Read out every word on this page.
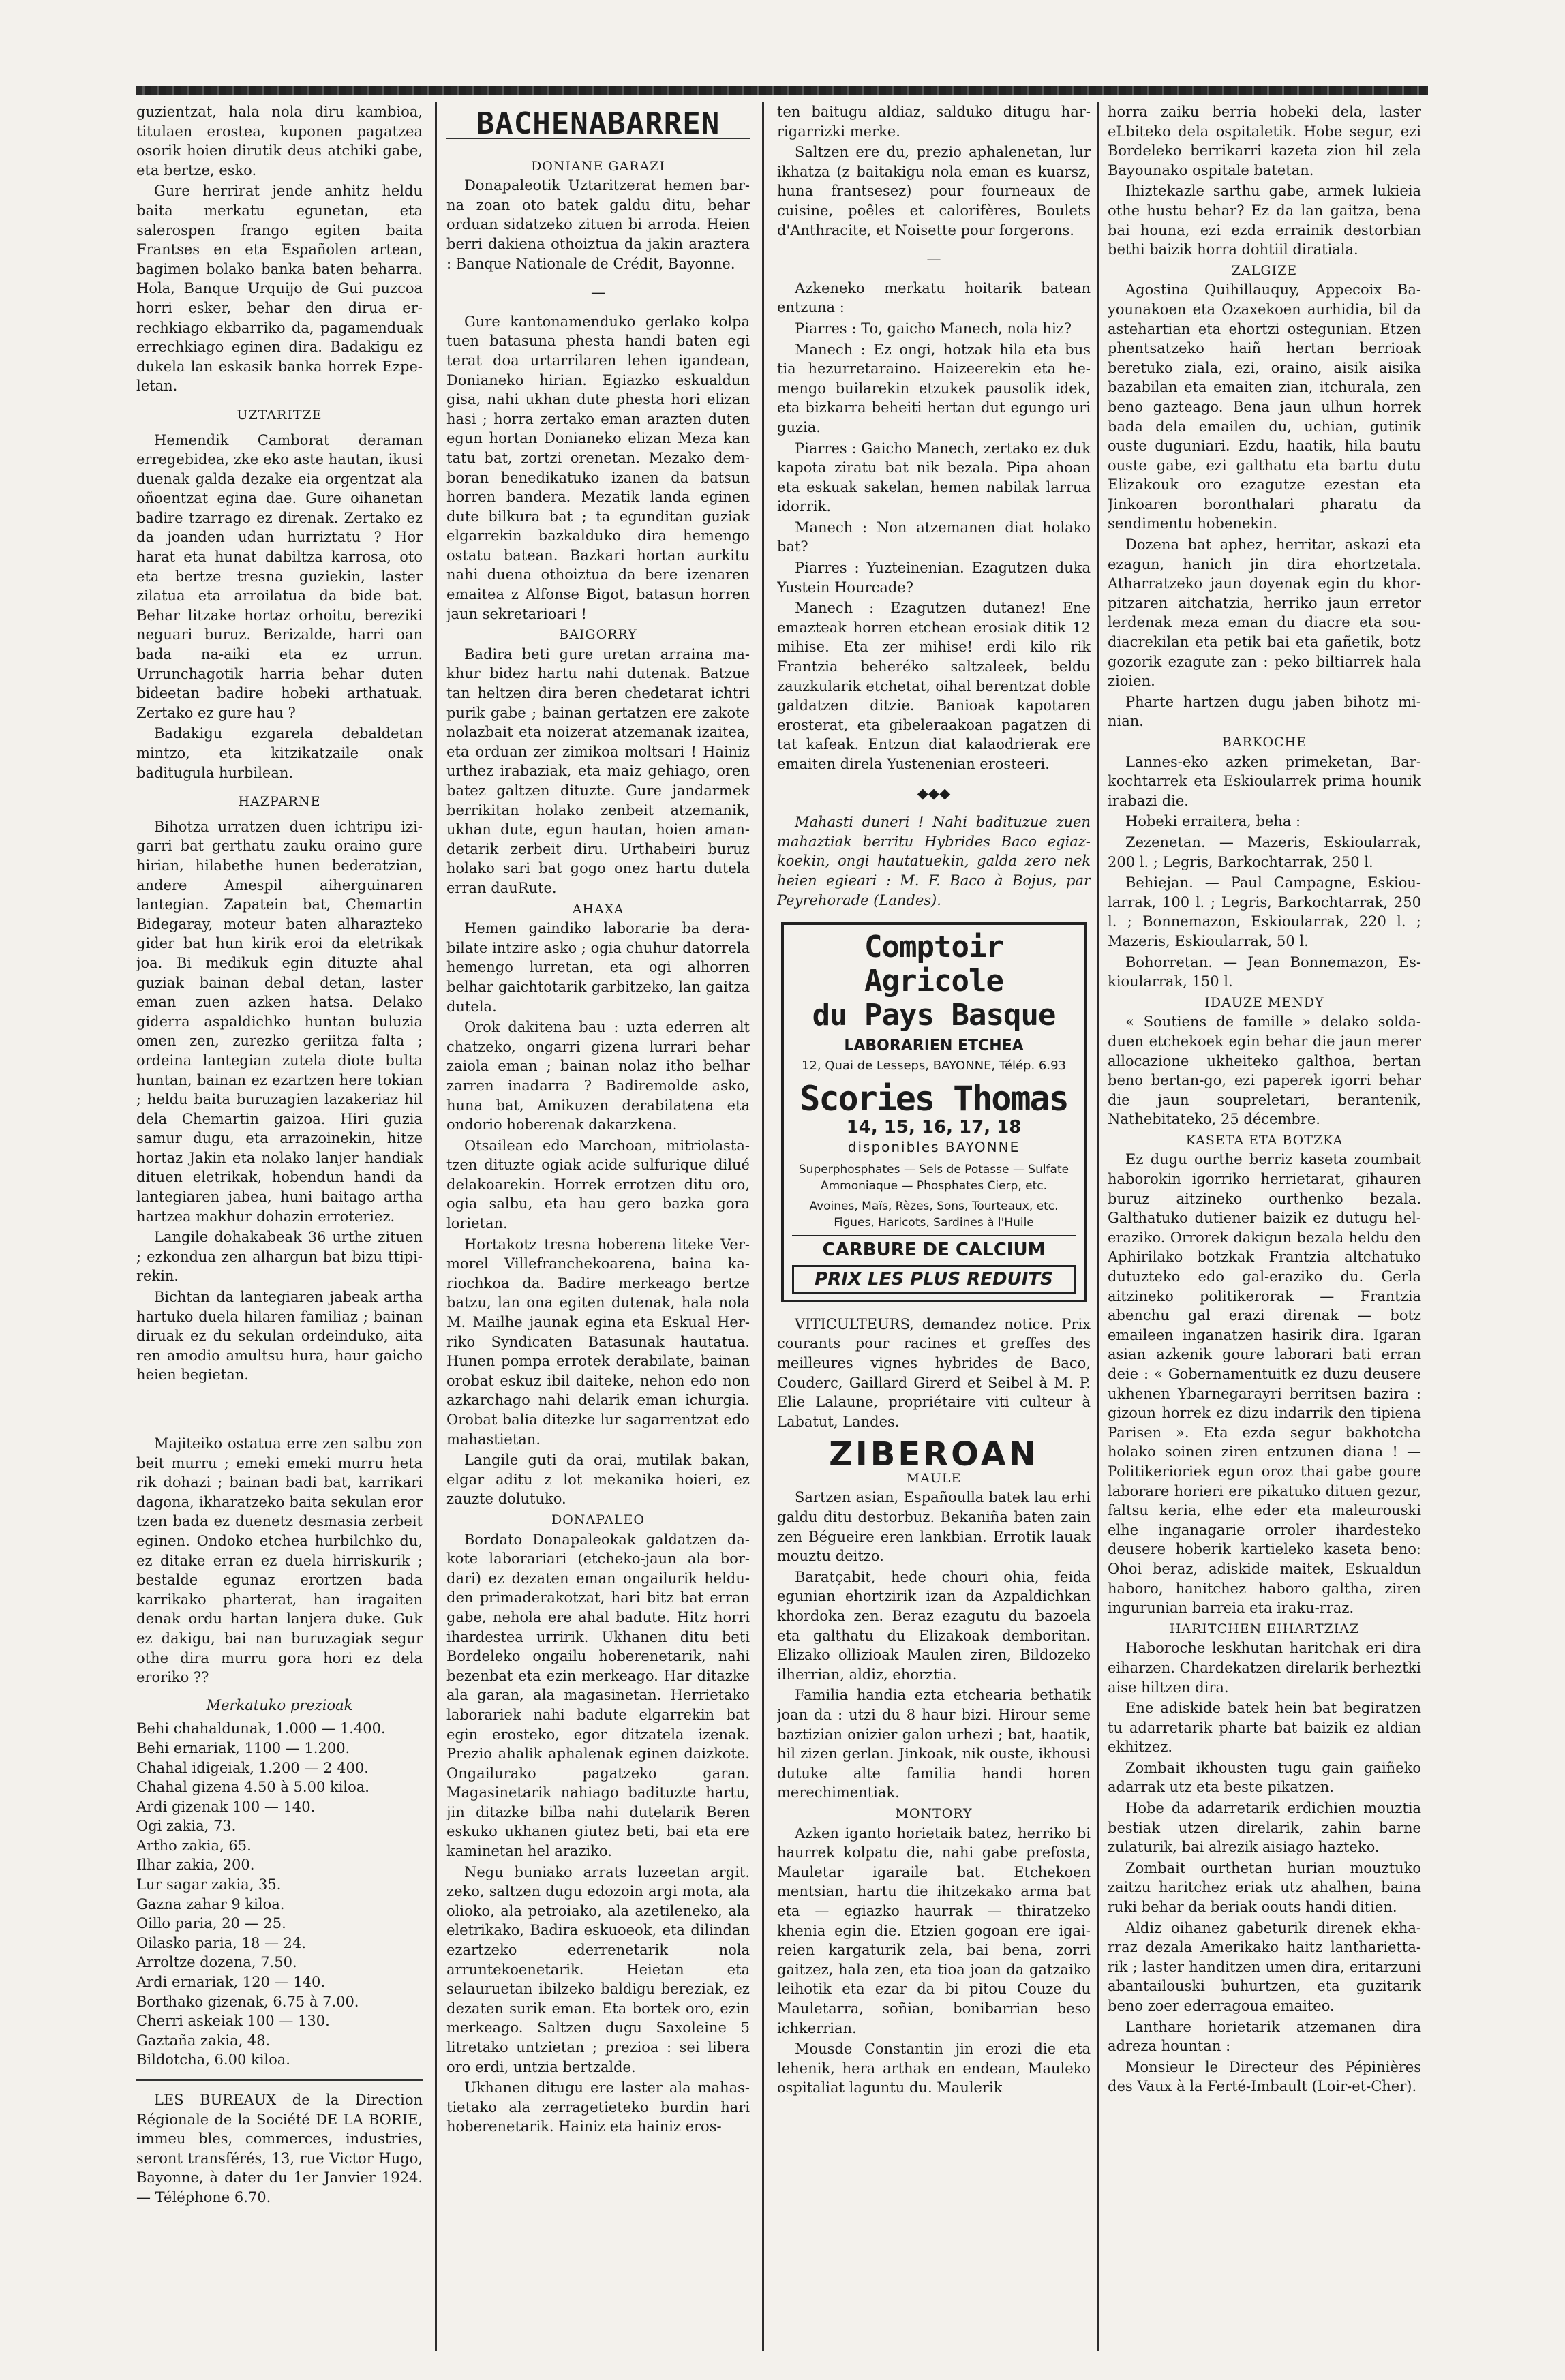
guzientzat, hala nola diru kambioa, titulaen erostea, kuponen pagatzea osorik hoien dirutik deus atchiki gabe, eta bertze, esko.

Gure herrirat jende anhitz heldu baita merkatu egunetan, eta salerospen frango egiten baita Frantses en eta Españolen artean, bagimen bolako banka baten beharra. Hola, Banque Urquijo de Gui puzcoa horri esker, behar den dirua errechkiago ekbarriko da, pagamenduak errechkiago eginen dira. Badakigu ez dukela lan eskasik banka horrek Ezpeletan.

UZTARITZE

Hemendik Camborat deraman erregebidea, zke eko aste hautan, ikusi duenak galda dezake eia orgentzat ala oñoentzat egina dae. Gure oihanetan badire tzarrago ez direnak. Zertako ez da joanden udan hurriztatu ? Hor harat eta hunat dabiltza karrosa, oto eta bertze tresna guziekin, laster zilatua eta arroilatua da bide bat. Behar litzake hortaz orhoitu, bereziki neguari buruz. Berizalde, harri oan bada na-aiki eta ez urrun. Urrunchagotik harria behar duten bideetan badire hobeki arthatuak. Zertako ez gure hau ?

Badakigu ezgarela debaldetan mintzo, eta kitzikatzaile onak baditugula hurbilean.

HAZPARNE

Bihotza urratzen duen ichtripu izigarri bat gerthatu zauku oraino gure hirian, hilabethe hunen bederatzian, andere Amespil aiherguinaren lantegian. Zapatein bat, Chemartin Bidegaray, moteur baten alharazteko gider bat hun kirik eroi da eletrikak joa. Bi medikuk egin dituzte ahal guziak bainan debal detan, laster eman zuen azken hatsa. Delako giderra aspaldichko huntan buluzia omen zen, zurezko geriitza falta ; ordeina lantegian zutela diote bulta huntan, bainan ez ezartzen here tokian ; heldu baita buruzagien lazakeriaz hil dela Chemartin gaizoa. Hiri guzia samur dugu, eta arrazoinekin, hitze hortaz Jakin eta nolako lanjer handiak dituen eletrikak, hobendun handi da lantegiaren jabea, huni baitago artha hartzea makhur dohazin erroteriez.

Langile dohakabeak 36 urthe zituen ; ezkondua zen alhargun bat bizu ttipirekin.

Bichtan da lantegiaren jabeak artha hartuko duela hilaren familiaz ; bainan diruak ez du sekulan ordeinduko, aita ren amodio amultsu hura, haur gaicho heien begietan.

Majiteiko ostatua erre zen salbu zon beit murru ; emeki emeki murru heta rik dohazi ; bainan badi bat, karrikari dagona, ikharatzeko baita sekulan eror tzen bada ez duenetz desmasia zerbeit eginen. Ondoko etchea hurbilchko du, ez ditake erran ez duela hirriskurik ; bestalde egunaz erortzen bada karrikako pharterat, han iragaiten denak ordu hartan lanjera duke. Guk ez dakigu, bai nan buruzagiak segur othe dira murru gora hori ez dela eroriko ??

Merkatuko prezioak
Behi chahaldunak, 1.000 — 1.400.
Behi ernariak, 1100 — 1.200.
Chahal idigeiak, 1.200 — 2 400.
Chahal gizena 4.50 à 5.00 kiloa.
Ardi gizenak 100 — 140.
Ogi zakia, 73.
Artho zakia, 65.
Ilhar zakia, 200.
Lur sagar zakia, 35.
Gazna zahar 9 kiloa.
Oillo paria, 20 — 25.
Oilasko paria, 18 — 24.
Arroltze dozena, 7.50.
Ardi ernariak, 120 — 140.
Borthako gizenak, 6.75 à 7.00.
Cherri askeiak 100 — 130.
Gaztaña zakia, 48.
Bildotcha, 6.00 kiloa.

LES BUREAUX de la Direction Régionale de la Société DE LA BORIE, immeu bles, commerces, industries, seront transférés, 13, rue Victor Hugo, Bayonne, à dater du 1er Janvier 1924. — Téléphone 6.70.

BACHENABARREN
DONIANE GARAZI

Donapaleotik Uztaritzerat hemen barna zoan oto batek galdu ditu, behar orduan sidatzeko zituen bi arroda. Heien berri dakiena othoiztua da jakin araztera : Banque Nationale de Crédit, Bayonne.

—

Gure kantonamenduko gerlako kolpa tuen batasuna phesta handi baten egi terat doa urtarrilaren lehen igandean, Donianeko hirian. Egiazko eskualdun gisa, nahi ukhan dute phesta hori elizan hasi ; horra zertako eman arazten duten egun hortan Donianeko elizan Meza kan tatu bat, zortzi orenetan. Mezako demboran benedikatuko izanen da batsun horren bandera. Mezatik landa eginen dute bilkura bat ; ta egunditan guziak elgarrekin bazkalduko dira hemengo ostatu batean. Bazkari hortan aurkitu nahi duena othoiztua da bere izenaren emaitea z Alfonse Bigot, batasun horren jaun sekretarioari !

BAIGORRY

Badira beti gure uretan arraina makhur bidez hartu nahi dutenak. Batzue tan heltzen dira beren chedetarat ichtri purik gabe ; bainan gertatzen ere zakote nolazbait eta noizerat atzemanak izaitea, eta orduan zer zimikoa moltsari ! Hainiz urthez irabaziak, eta maiz gehiago, oren batez galtzen dituzte. Gure jandarmek berrikitan holako zenbeit atzemanik, ukhan dute, egun hautan, hoien amandetarik zerbeit diru. Urthabeiri buruz holako sari bat gogo onez hartu dutela erran dauRute.

AHAXA

Hemen gaindiko laborarie ba derabilate intzire asko ; ogia chuhur datorrela hemengo lurretan, eta ogi alhorren belhar gaichtotarik garbitzeko, lan gaitza dutela.

Orok dakitena bau : uzta ederren alt chatzeko, ongarri gizena lurrari behar zaiola eman ; bainan nolaz itho belhar zarren inadarra ? Badiremolde asko, huna bat, Amikuzen derabilatena eta ondorio hoberenak dakarzkena.

Otsailean edo Marchoan, mitriolastatzen dituzte ogiak acide sulfurique dilué delakoarekin. Horrek errotzen ditu oro, ogia salbu, eta hau gero bazka gora lorietan.

Hortakotz tresna hoberena liteke Vermorel Villefranchekoarena, baina kariochkoa da. Badire merkeago bertze batzu, lan ona egiten dutenak, hala nola M. Mailhe jaunak egina eta Eskual Herriko Syndicaten Batasunak hautatua. Hunen pompa errotek derabilate, bainan orobat eskuz ibil daiteke, nehon edo non azkarchago nahi delarik eman ichurgia. Orobat balia ditezke lur sagarrentzat edo mahastietan.

Langile guti da orai, mutilak bakan, elgar aditu z lot mekanika hoieri, ez zauzte dolutuko.

DONAPALEO

Bordato Donapaleokak galdatzen dakote laborariari (etcheko-jaun ala bordari) ez dezaten eman ongailurik helduden primaderakotzat, hari bitz bat erran gabe, nehola ere ahal badute. Hitz horri ihardestea urririk. Ukhanen ditu beti Bordeleko ongailu hoberenetarik, nahi bezenbat eta ezin merkeago. Har ditazke ala garan, ala magasinetan. Herrietako laborariek nahi badute elgarrekin bat egin erosteko, egor ditzatela izenak. Prezio ahalik aphalenak eginen daizkote. Ongailurako pagatzeko garan. Magasinetarik nahiago badituzte hartu, jin ditazke bilba nahi dutelarik Beren eskuko ukhanen giutez beti, bai eta ere kaminetan hel araziko.

Negu buniako arrats luzeetan argit. zeko, saltzen dugu edozoin argi mota, ala olioko, ala petroiako, ala azetileneko, ala eletrikako, Badira eskuoeok, eta dilindan ezartzeko ederrenetarik nola arruntekoenetarik. Heietan eta selauruetan ibilzeko baldigu bereziak, ez dezaten surik eman. Eta bortek oro, ezin merkeago. Saltzen dugu Saxoleine 5 litretako untzietan ; prezioa : sei libera oro erdi, untzia bertzalde.

Ukhanen ditugu ere laster ala mahastietako ala zerragetieteko burdin hari hoberenetarik. Hainiz eta hainiz eros-

ten baitugu aldiaz, salduko ditugu harrigarrizki merke.

Saltzen ere du, prezio aphalenetan, lur ikhatza (z baitakigu nola eman es kuarsz, huna frantsesez) pour fourneaux de cuisine, poêles et calorifères, Boulets d'Anthracite, et Noisette pour forgerons.

—

Azkeneko merkatu hoitarik batean entzuna :

Piarres : To, gaicho Manech, nola hiz?

Manech : Ez ongi, hotzak hila eta bus tia hezurretaraino. Haizeerekin eta hemengo builarekin etzukek pausolik idek, eta bizkarra beheiti hertan dut egungo uri guzia.

Piarres : Gaicho Manech, zertako ez duk kapota ziratu bat nik bezala. Pipa ahoan eta eskuak sakelan, hemen nabilak larrua idorrik.

Manech : Non atzemanen diat holako bat?

Piarres : Yuzteinenian. Ezagutzen duka Yustein Hourcade?

Manech : Ezagutzen dutanez! Ene emazteak horren etchean erosiak ditik 12 mihise. Eta zer mihise! erdi kilo rik Frantzia beheréko saltzaleek, beldu zauzkularik etchetat, oihal berentzat doble galdatzen ditzie. Banioak kapotaren erosterat, eta gibeleraakoan pagatzen di tat kafeak. Entzun diat kalaodrierak ere emaiten direla Yustenenian erosteeri.

◆◆◆

Mahasti duneri ! Nahi badituzue zuen mahaztiak berritu Hybrides Baco egiazkoekin, ongi hautatuekin, galda zero nek heien egieari : M. F. Baco à Bojus, par Peyrehorade (Landes).

Comptoir Agricole
du Pays Basque
LABORARIEN ETCHEA
12, Quai de Lesseps, BAYONNE, Télép. 6.93
Scories Thomas
14, 15, 16, 17, 18
disponibles BAYONNE
Superphosphates — Sels de Potasse — Sulfate Ammoniaque — Phosphates Cierp, etc.
Avoines, Maïs, Rèzes, Sons, Tourteaux, etc. Figues, Haricots, Sardines à l'Huile
CARBURE DE CALCIUM
PRIX LES PLUS REDUITS

VITICULTEURS, demandez notice. Prix courants pour racines et greffes des meilleures vignes hybrides de Baco, Couderc, Gaillard Girerd et Seibel à M. P. Elie Lalaune, propriétaire viti culteur à Labatut, Landes.

ZIBEROAN
MAULE

Sartzen asian, Españoulla batek lau erhi galdu ditu destorbuz. Bekaniña baten zain zen Bégueire eren lankbian. Errotik lauak mouztu deitzo.

Baratçabit, hede chouri ohia, feida egunian ehortzirik izan da Azpaldichkan khordoka zen. Beraz ezagutu du bazoela eta galthatu du Elizakoak demboritan. Elizako ollizioak Maulen ziren, Bildozeko ilherrian, aldiz, ehorztia.

Familia handia ezta etchearia bethatik joan da : utzi du 8 haur bizi. Hirour seme baztizian onizier galon urhezi ; bat, haatik, hil zizen gerlan. Jinkoak, nik ouste, ikhousi dutuke alte familia handi horen merechimentiak.

MONTORY

Azken iganto horietaik batez, herriko bi haurrek kolpatu die, nahi gabe prefosta, Mauletar igaraile bat. Etchekoen mentsian, hartu die ihitzekako arma bat eta — egiazko haurrak — thiratzeko khenia egin die. Etzien gogoan ere igaireien kargaturik zela, bai bena, zorri gaitzez, hala zen, eta tioa joan da gatzaiko leihotik eta ezar da bi pitou Couze du Mauletarra, soñian, bonibarrian beso ichkerrian.

Mousde Constantin jin erozi die eta lehenik, hera arthak en endean, Mauleko ospitaliat laguntu du. Maulerik

horra zaiku berria hobeki dela, laster eLbiteko dela ospitaletik. Hobe segur, ezi Bordeleko berrikarri kazeta zion hil zela Bayounako ospitale batetan.

Ihiztekazle sarthu gabe, armek lukieia othe hustu behar? Ez da lan gaitza, bena bai houna, ezi ezda errainik destorbian bethi baizik horra dohtiil diratiala.

ZALGIZE

Agostina Quihillauquy, Appecoix Bayounakoen eta Ozaxekoen aurhidia, bil da astehartian eta ehortzi ostegunian. Etzen phentsatzeko haiñ hertan berrioak beretuko ziala, ezi, oraino, aisik aisika bazabilan eta emaiten zian, itchurala, zen beno gazteago. Bena jaun ulhun horrek bada dela emailen du, uchian, gutinik ouste duguniari. Ezdu, haatik, hila bautu ouste gabe, ezi galthatu eta bartu dutu Elizakouk oro ezagutze ezestan eta Jinkoaren boronthalari pharatu da sendimentu hobenekin.

Dozena bat aphez, herritar, askazi eta ezagun, hanich jin dira ehortzetala. Atharratzeko jaun doyenak egin du khorpitzaren aitchatzia, herriko jaun erretor lerdenak meza eman du diacre eta soudiacrekilan eta petik bai eta gañetik, botz gozorik ezagute zan : peko biltiarrek hala zioien.

Pharte hartzen dugu jaben bihotz minian.

BARKOCHE

Lannes-eko azken primeketan, Barkochtarrek eta Eskioularrek prima hounik irabazi die.

Hobeki erraitera, beha :

Zezenetan. — Mazeris, Eskioularrak, 200 l. ; Legris, Barkochtarrak, 250 l.

Behiejan. — Paul Campagne, Eskioularrak, 100 l. ; Legris, Barkochtarrak, 250 l. ; Bonnemazon, Eskioularrak, 220 l. ; Mazeris, Eskioularrak, 50 l.

Bohorretan. — Jean Bonnemazon, Eskioularrak, 150 l.

IDAUZE MENDY

« Soutiens de famille » delako soldaduen etchekoek egin behar die jaun merer allocazione ukheiteko galthoa, bertan beno bertan-go, ezi paperek igorri behar die jaun soupreletari, berantenik, Nathebitateko, 25 décembre.

KASETA ETA BOTZKA

Ez dugu ourthe berriz kaseta zoumbait haborokin igorriko herrietarat, gihauren buruz aitzineko ourthenko bezala. Galthatuko dutiener baizik ez dutugu hel-eraziko. Orrorek dakigun bezala heldu den Aphirilako botzkak Frantzia altchatuko dutuzteko edo gal-eraziko du. Gerla aitzineko politikerorak — Frantzia abenchu gal erazi direnak — botz emaileen inganatzen hasirik dira. Igaran asian azkenik goure laborari bati erran deie : « Gobernamentuitk ez duzu deusere ukhenen Ybarnegarayri berritsen bazira : gizoun horrek ez dizu indarrik den tipiena Parisen ». Eta ezda segur bakhotcha holako soinen ziren entzunen diana ! — Politikerioriek egun oroz thai gabe goure laborare horieri ere pikatuko dituen gezur, faltsu keria, elhe eder eta maleurouski elhe inganagarie orroler ihardesteko deusere hoberik kartieleko kaseta beno: Ohoi beraz, adiskide maitek, Eskualdun haboro, hanitchez haboro galtha, ziren ingurunian barreia eta iraku-rraz.

HARITCHEN EIHARTZIAZ

Haboroche leskhutan haritchak eri dira eiharzen. Chardekatzen direlarik berheztki aise hiltzen dira.

Ene adiskide batek hein bat begiratzen tu adarretarik pharte bat baizik ez aldian ekhitzez.

Zombait ikhousten tugu gain gaiñeko adarrak utz eta beste pikatzen.

Hobe da adarretarik erdichien mouztia bestiak utzen direlarik, zahin barne zulaturik, bai alrezik aisiago hazteko.

Zombait ourthetan hurian mouztuko zaitzu haritchez eriak utz ahalhen, baina ruki behar da beriak oouts handi ditien.

Aldiz oihanez gabeturik direnek ekharraz dezala Amerikako haitz lanthariettarik ; laster handitzen umen dira, eritarzuni abantailouski buhurtzen, eta guzitarik beno zoer ederragoua emaiteo.

Lanthare horietarik atzemanen dira adreza hountan :

Monsieur le Directeur des Pépinières des Vaux à la Ferté-Imbault (Loir-et-Cher).
